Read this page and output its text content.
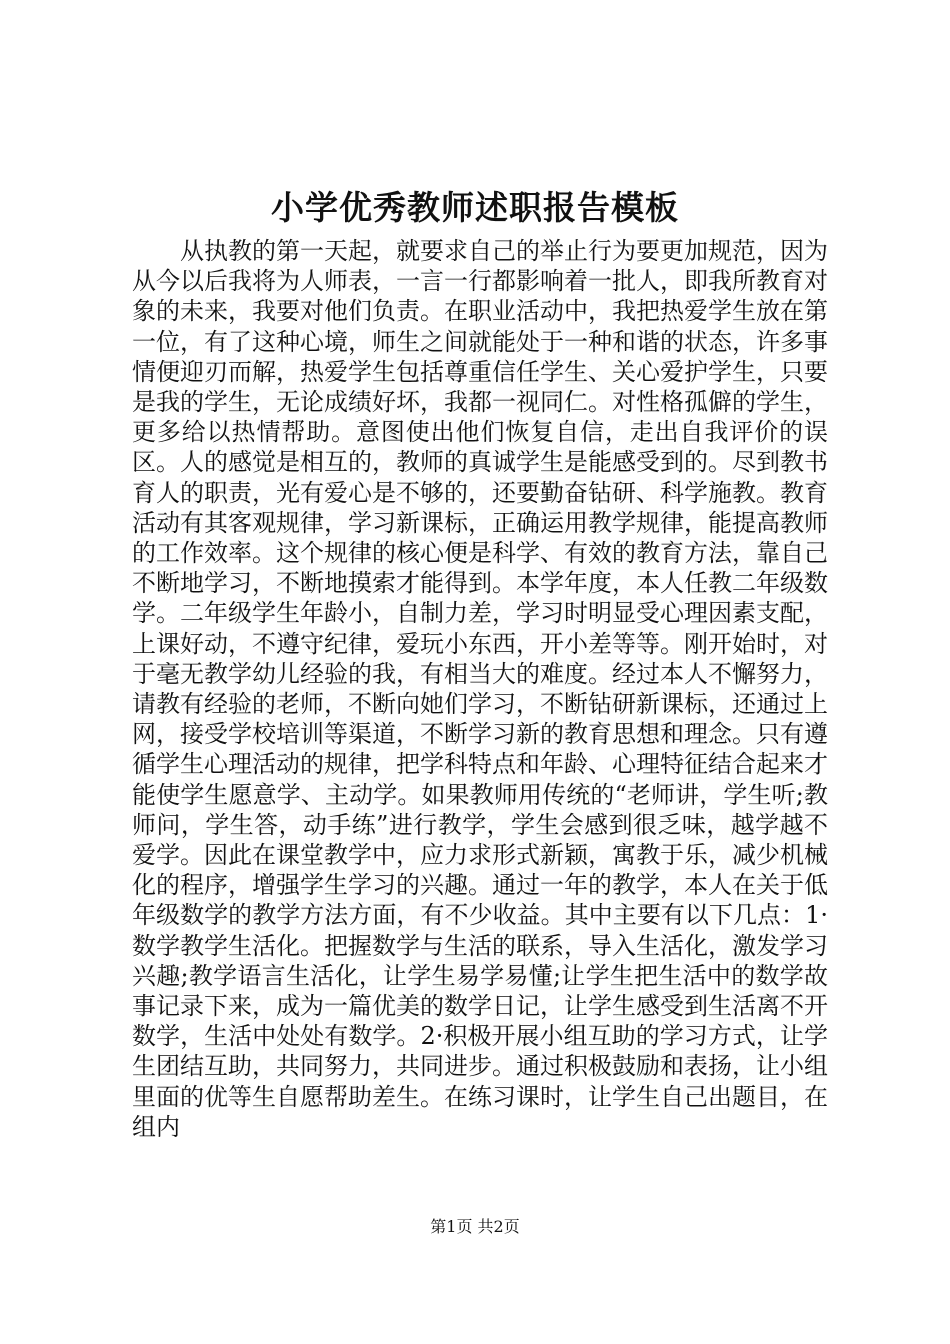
小学优秀教师述职报告模板

从执教的第一天起，就要求自己的举止行为要更加规范，因为从今以后我将为人师表，一言一行都影响着一批人，即我所教育对象的未来，我要对他们负责。在职业活动中，我把热爱学生放在第一位，有了这种心境，师生之间就能处于一种和谐的状态，许多事情便迎刃而解，热爱学生包括尊重信任学生、关心爱护学生，只要是我的学生，无论成绩好坏，我都一视同仁。对性格孤僻的学生，更多给以热情帮助。意图使出他们恢复自信，走出自我评价的误区。人的感觉是相互的，教师的真诚学生是能感受到的。尽到教书育人的职责，光有爱心是不够的，还要勤奋钻研、科学施教。教育活动有其客观规律，学习新课标，正确运用教学规律，能提高教师的工作效率。这个规律的核心便是科学、有效的教育方法，靠自己不断地学习，不断地摸索才能得到。本学年度，本人任教二年级数学。二年级学生年龄小，自制力差，学习时明显受心理因素支配，上课好动，不遵守纪律，爱玩小东西，开小差等等。刚开始时，对于毫无教学幼儿经验的我，有相当大的难度。经过本人不懈努力，请教有经验的老师，不断向她们学习，不断钻研新课标，还通过上网，接受学校培训等渠道，不断学习新的教育思想和理念。只有遵循学生心理活动的规律，把学科特点和年龄、心理特征结合起来才能使学生愿意学、主动学。如果教师用传统的“老师讲，学生听;教师问，学生答，动手练”进行教学，学生会感到很乏味，越学越不爱学。因此在课堂教学中，应力求形式新颖，寓教于乐，减少机械化的程序，增强学生学习的兴趣。通过一年的教学，本人在关于低年级数学的教学方法方面，有不少收益。其中主要有以下几点：1·数学教学生活化。把握数学与生活的联系，导入生活化，激发学习兴趣;教学语言生活化，让学生易学易懂;让学生把生活中的数学故事记录下来，成为一篇优美的数学日记，让学生感受到生活离不开数学，生活中处处有数学。2·积极开展小组互助的学习方式，让学生团结互助，共同努力，共同进步。通过积极鼓励和表扬，让小组里面的优等生自愿帮助差生。在练习课时，让学生自己出题目，在组内

第1页 共2页
